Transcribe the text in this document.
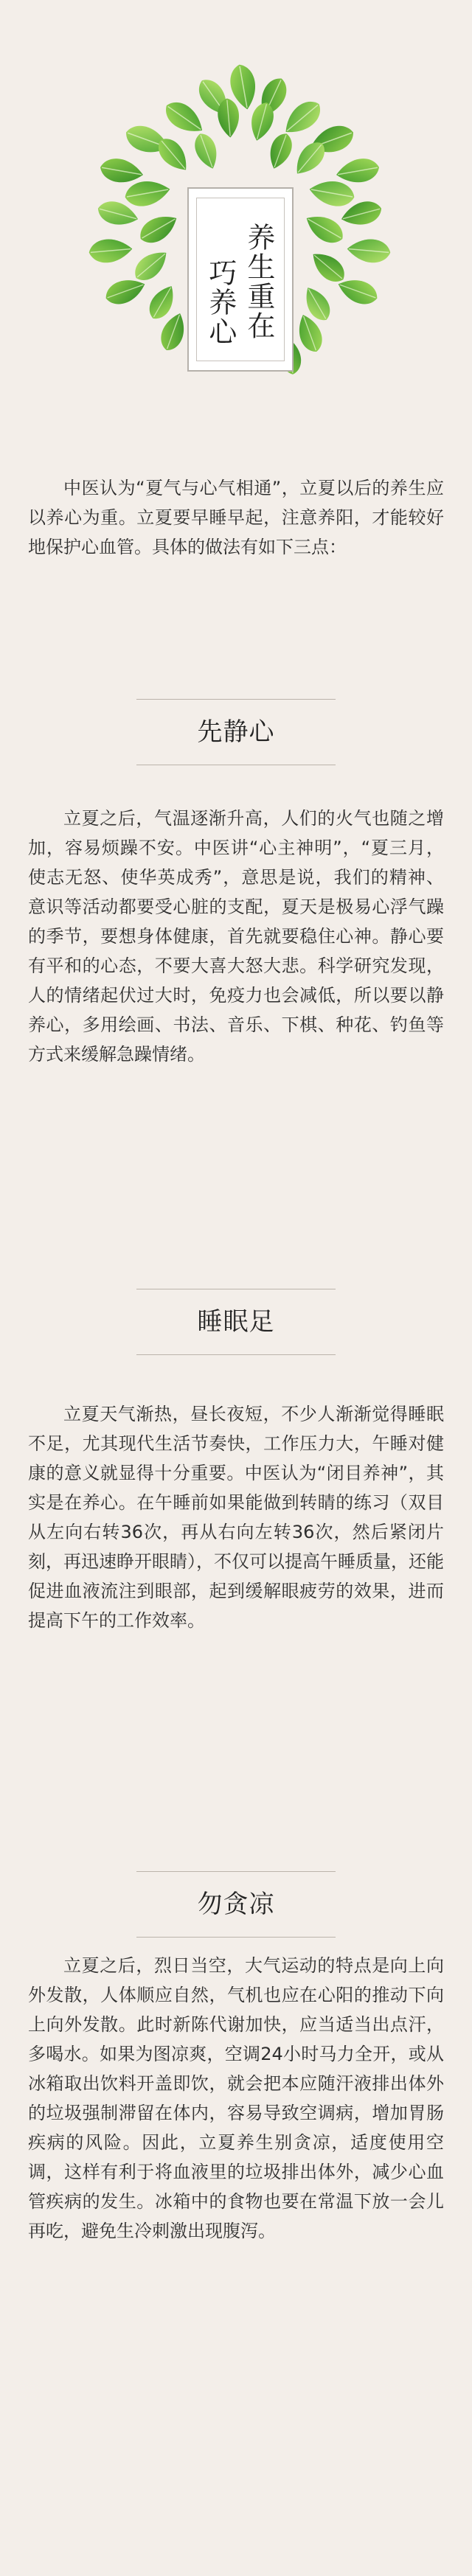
养生重在
巧养心

中医认为“夏气与心气相通”，立夏以后的养生应以养心为重。立夏要早睡早起，注意养阳，才能较好地保护心血管。具体的做法有如下三点：

先静心

立夏之后，气温逐渐升高，人们的火气也随之增加，容易烦躁不安。中医讲“心主神明”，“夏三月，使志无怒、使华英成秀”，意思是说，我们的精神、意识等活动都要受心脏的支配，夏天是极易心浮气躁的季节，要想身体健康，首先就要稳住心神。静心要有平和的心态，不要大喜大怒大悲。科学研究发现，人的情绪起伏过大时，免疫力也会减低，所以要以静养心，多用绘画、书法、音乐、下棋、种花、钓鱼等方式来缓解急躁情绪。

睡眠足

立夏天气渐热，昼长夜短，不少人渐渐觉得睡眠不足，尤其现代生活节奏快，工作压力大，午睡对健康的意义就显得十分重要。中医认为“闭目养神”，其实是在养心。在午睡前如果能做到转睛的练习（双目从左向右转36次，再从右向左转36次，然后紧闭片刻，再迅速睁开眼睛），不仅可以提高午睡质量，还能促进血液流注到眼部，起到缓解眼疲劳的效果，进而提高下午的工作效率。

勿贪凉

立夏之后，烈日当空，大气运动的特点是向上向外发散，人体顺应自然，气机也应在心阳的推动下向上向外发散。此时新陈代谢加快，应当适当出点汗，多喝水。如果为图凉爽，空调24小时马力全开，或从冰箱取出饮料开盖即饮，就会把本应随汗液排出体外的垃圾强制滞留在体内，容易导致空调病，增加胃肠疾病的风险。因此，立夏养生别贪凉，适度使用空调，这样有利于将血液里的垃圾排出体外，减少心血管疾病的发生。冰箱中的食物也要在常温下放一会儿再吃，避免生冷刺激出现腹泻。
